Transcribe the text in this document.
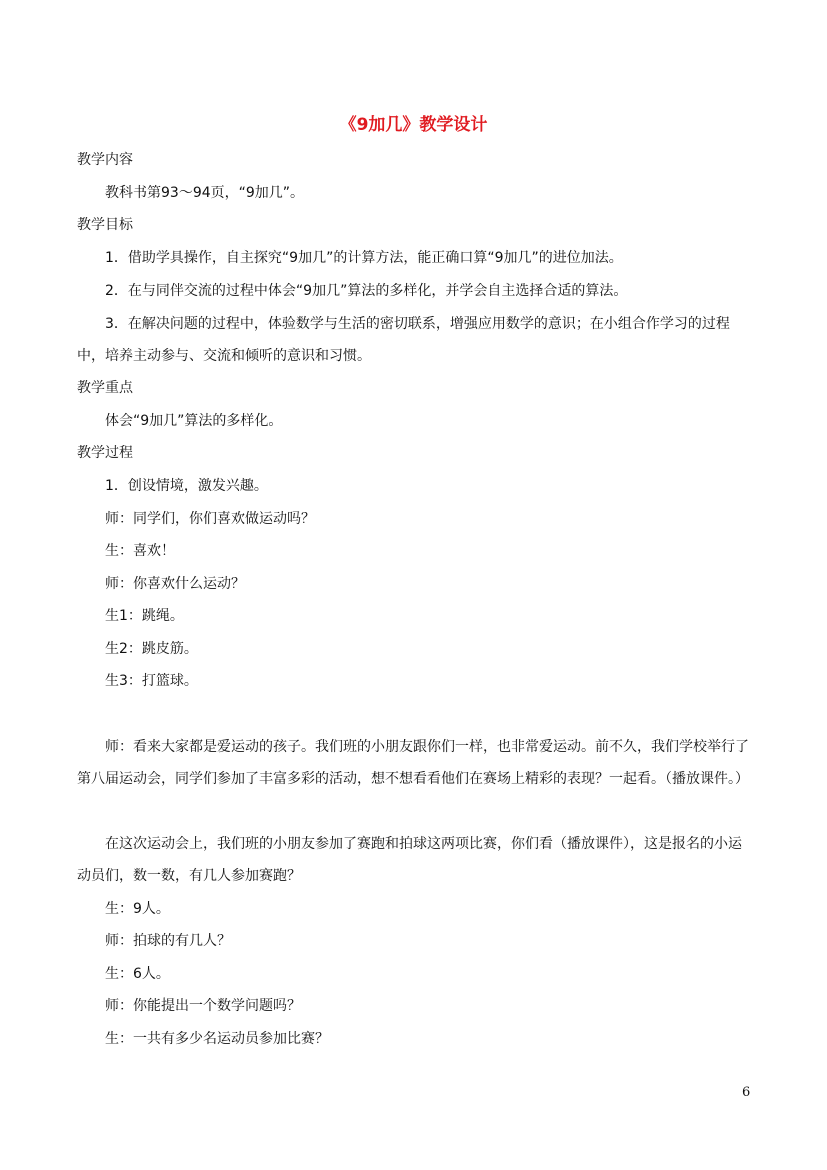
《9加几》教学设计
教学内容
教科书第93～94页，“9加几”。
教学目标
1．借助学具操作，自主探究“9加几”的计算方法，能正确口算“9加几”的进位加法。
2．在与同伴交流的过程中体会“9加几”算法的多样化，并学会自主选择合适的算法。
3．在解决问题的过程中，体验数学与生活的密切联系，增强应用数学的意识；在小组合作学习的过程中，培养主动参与、交流和倾听的意识和习惯。
教学重点
体会“9加几”算法的多样化。
教学过程
1．创设情境，激发兴趣。
师：同学们，你们喜欢做运动吗？
生：喜欢！
师：你喜欢什么运动？
生1：跳绳。
生2：跳皮筋。
生3：打篮球。
师：看来大家都是爱运动的孩子。我们班的小朋友跟你们一样，也非常爱运动。前不久，我们学校举行了第八届运动会，同学们参加了丰富多彩的活动，想不想看看他们在赛场上精彩的表现？一起看。（播放课件。）
在这次运动会上，我们班的小朋友参加了赛跑和拍球这两项比赛，你们看（播放课件），这是报名的小运动员们，数一数，有几人参加赛跑？
生：9人。
师：拍球的有几人？
生：6人。
师：你能提出一个数学问题吗？
生：一共有多少名运动员参加比赛？
6
